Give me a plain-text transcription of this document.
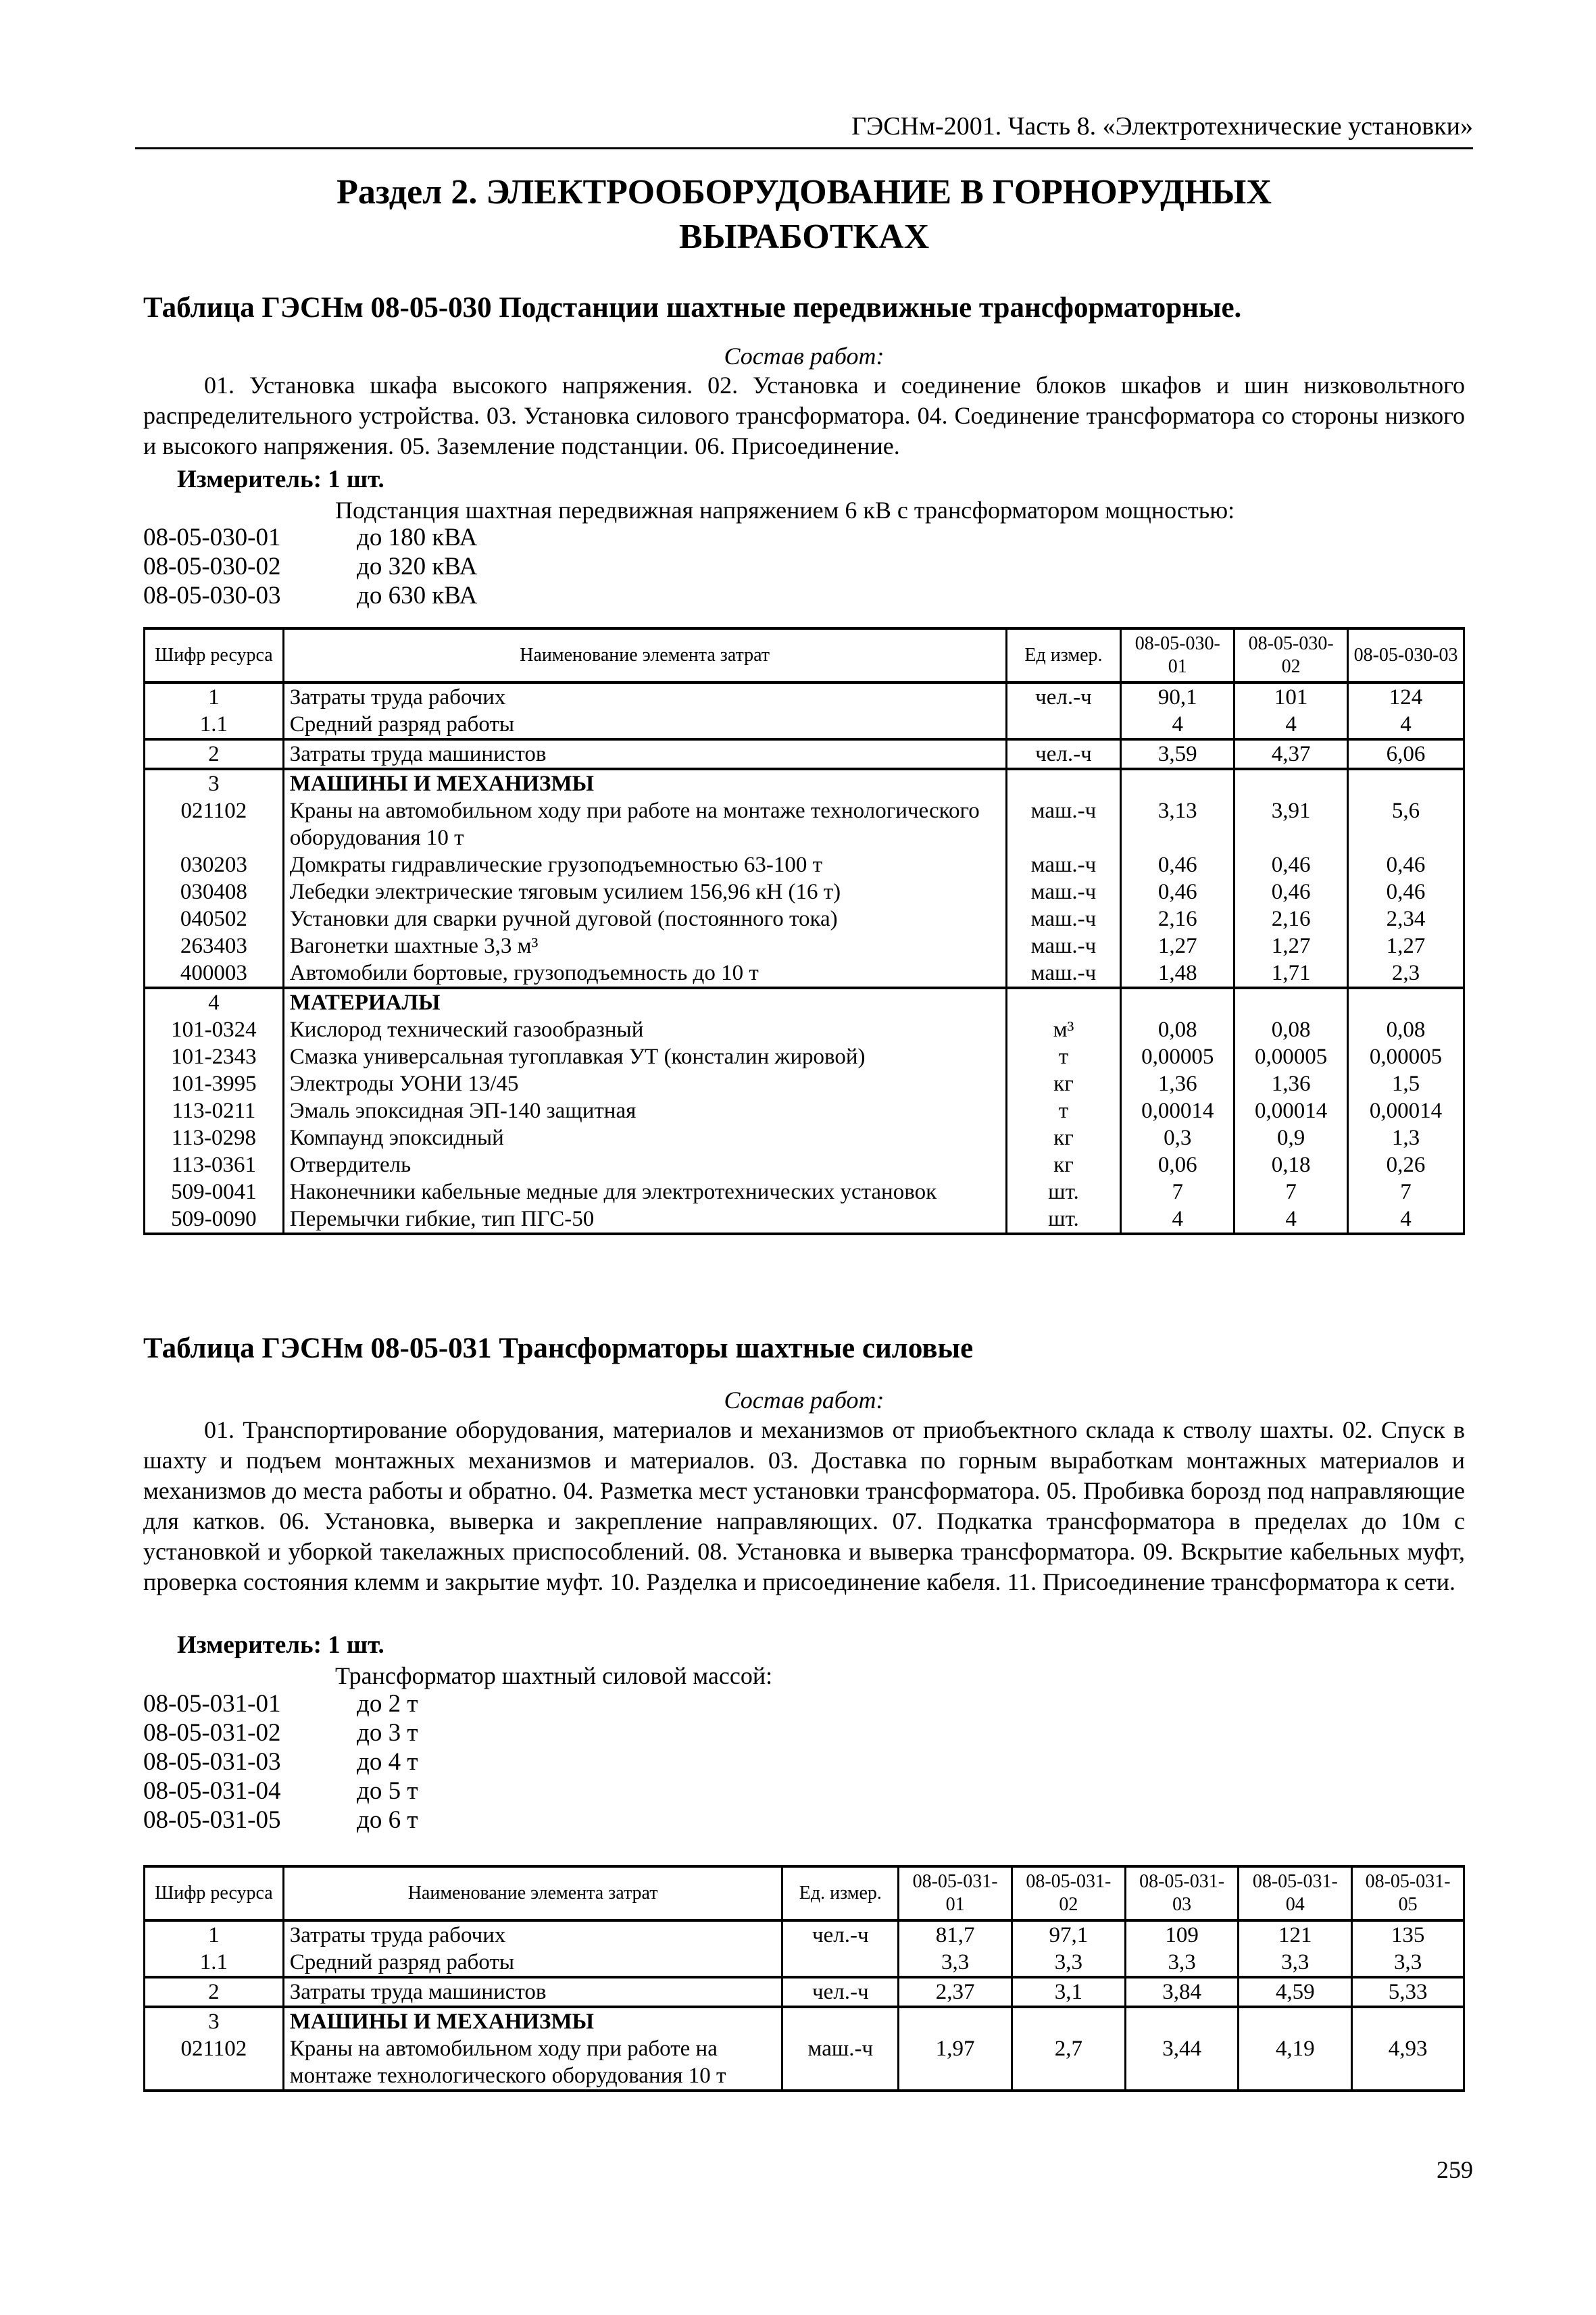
ГЭСНм-2001. Часть 8. «Электротехнические установки»
Раздел 2. ЭЛЕКТРООБОРУДОВАНИЕ В ГОРНОРУДНЫХ
ВЫРАБОТКАХ
Таблица ГЭСНм 08-05-030 Подстанции шахтные передвижные трансформаторные.
Состав работ:
01. Установка шкафа высокого напряжения. 02. Установка и соединение блоков шкафов и шин низковольтного распределительного устройства. 03. Установка силового трансформатора. 04. Соединение трансформатора со стороны низкого и высокого напряжения. 05. Заземление подстанции. 06. Присоединение.
Измеритель: 1 шт.
Подстанция шахтная передвижная напряжением 6 кВ с трансформатором мощностью:
08-05-030-01	до 180 кВА
08-05-030-02	до 320 кВА
08-05-030-03	до 630 кВА
Шифр ресурса	Наименование элемента затрат	Ед измер.	08-05-030-01	08-05-030-02	08-05-030-03
1	Затраты труда рабочих	чел.-ч	90,1	101	124
1.1	Средний разряд работы		4	4	4
2	Затраты труда машинистов	чел.-ч	3,59	4,37	6,06
3	МАШИНЫ И МЕХАНИЗМЫ				
021102	Краны на автомобильном ходу при работе на монтаже технологического оборудования 10 т	маш.-ч	3,13	3,91	5,6
030203	Домкраты гидравлические грузоподъемностью 63-100 т	маш.-ч	0,46	0,46	0,46
030408	Лебедки электрические тяговым усилием 156,96 кН (16 т)	маш.-ч	0,46	0,46	0,46
040502	Установки для сварки ручной дуговой (постоянного тока)	маш.-ч	2,16	2,16	2,34
263403	Вагонетки шахтные 3,3 м³	маш.-ч	1,27	1,27	1,27
400003	Автомобили бортовые, грузоподъемность до 10 т	маш.-ч	1,48	1,71	2,3
4	МАТЕРИАЛЫ				
101-0324	Кислород технический газообразный	м³	0,08	0,08	0,08
101-2343	Смазка универсальная тугоплавкая УТ (консталин жировой)	т	0,00005	0,00005	0,00005
101-3995	Электроды УОНИ 13/45	кг	1,36	1,36	1,5
113-0211	Эмаль эпоксидная ЭП-140 защитная	т	0,00014	0,00014	0,00014
113-0298	Компаунд эпоксидный	кг	0,3	0,9	1,3
113-0361	Отвердитель	кг	0,06	0,18	0,26
509-0041	Наконечники кабельные медные для электротехнических установок	шт.	7	7	7
509-0090	Перемычки гибкие, тип ПГС-50	шт.	4	4	4
Таблица ГЭСНм 08-05-031 Трансформаторы шахтные силовые
Состав работ:
01. Транспортирование оборудования, материалов и механизмов от приобъектного склада к стволу шахты. 02. Спуск в шахту и подъем монтажных механизмов и материалов. 03. Доставка по горным выработкам монтажных материалов и механизмов до места работы и обратно. 04. Разметка мест установки трансформатора. 05. Пробивка борозд под направляющие для катков. 06. Установка, выверка и закрепление направляющих. 07. Подкатка трансформатора в пределах до 10м с установкой и уборкой такелажных приспособлений. 08. Установка и выверка трансформатора. 09. Вскрытие кабельных муфт, проверка состояния клемм и закрытие муфт. 10. Разделка и присоединение кабеля. 11. Присоединение трансформатора к сети.
Измеритель: 1 шт.
Трансформатор шахтный силовой массой:
08-05-031-01	до 2 т
08-05-031-02	до 3 т
08-05-031-03	до 4 т
08-05-031-04	до 5 т
08-05-031-05	до 6 т
Шифр ресурса	Наименование элемента затрат	Ед. измер.	08-05-031-01	08-05-031-02	08-05-031-03	08-05-031-04	08-05-031-05
1	Затраты труда рабочих	чел.-ч	81,7	97,1	109	121	135
1.1	Средний разряд работы		3,3	3,3	3,3	3,3	3,3
2	Затраты труда машинистов	чел.-ч	2,37	3,1	3,84	4,59	5,33
3	МАШИНЫ И МЕХАНИЗМЫ						
021102	Краны на автомобильном ходу при работе на монтаже технологического оборудования 10 т	маш.-ч	1,97	2,7	3,44	4,19	4,93
259
